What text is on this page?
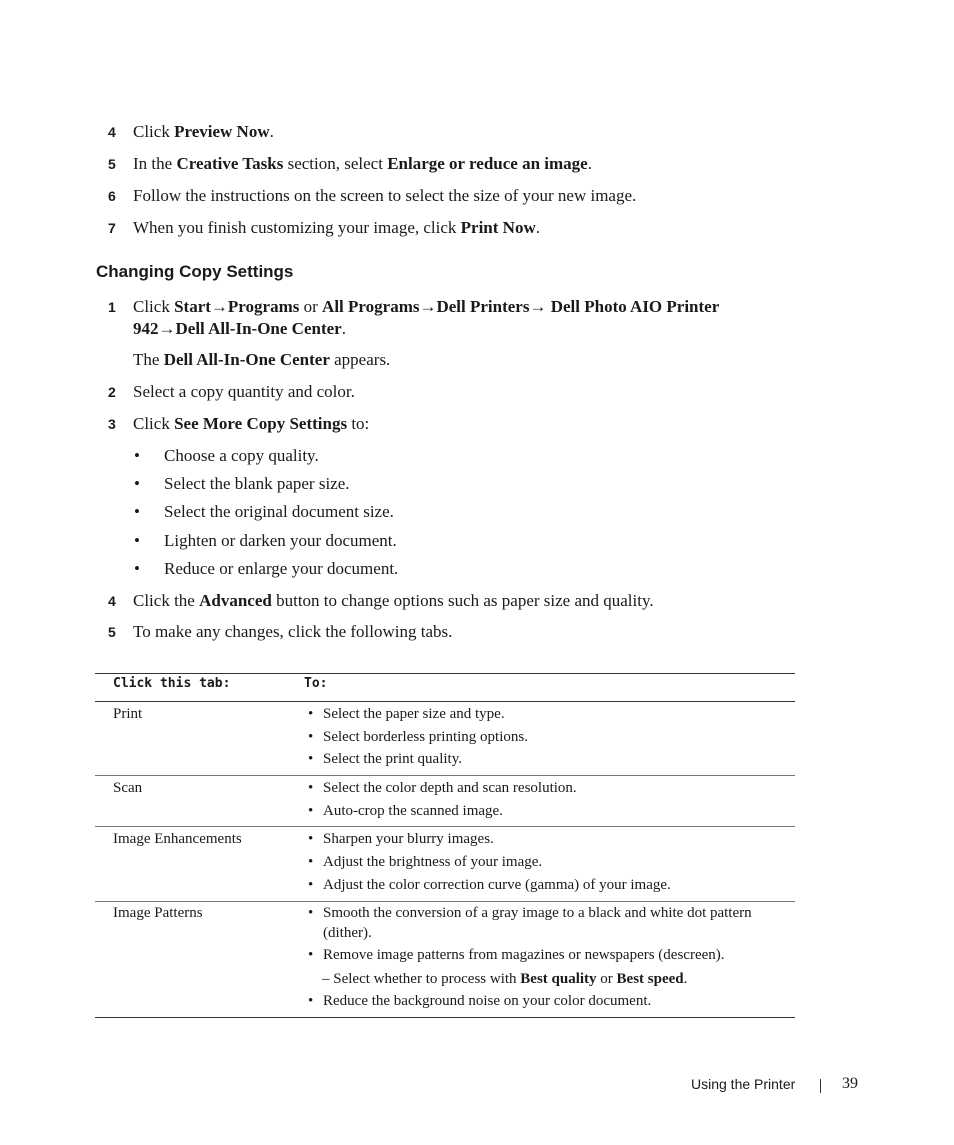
4 Click Preview Now.
5 In the Creative Tasks section, select Enlarge or reduce an image.
6 Follow the instructions on the screen to select the size of your new image.
7 When you finish customizing your image, click Print Now.
Changing Copy Settings
1 Click Start→Programs or All Programs→Dell Printers→ Dell Photo AIO Printer
942→Dell All-In-One Center.
The Dell All-In-One Center appears.
2 Select a copy quantity and color.
3 Click See More Copy Settings to:
• Choose a copy quality.
• Select the blank paper size.
• Select the original document size.
• Lighten or darken your document.
• Reduce or enlarge your document.
4 Click the Advanced button to change options such as paper size and quality.
5 To make any changes, click the following tabs.
Click this tab:	To:
Print	• Select the paper size and type.
• Select borderless printing options.
• Select the print quality.
Scan	• Select the color depth and scan resolution.
• Auto-crop the scanned image.
Image Enhancements	• Sharpen your blurry images.
• Adjust the brightness of your image.
• Adjust the color correction curve (gamma) of your image.
Image Patterns	• Smooth the conversion of a gray image to a black and white dot pattern
(dither).
• Remove image patterns from magazines or newspapers (descreen).
– Select whether to process with Best quality or Best speed.
• Reduce the background noise on your color document.
Using the Printer	39
